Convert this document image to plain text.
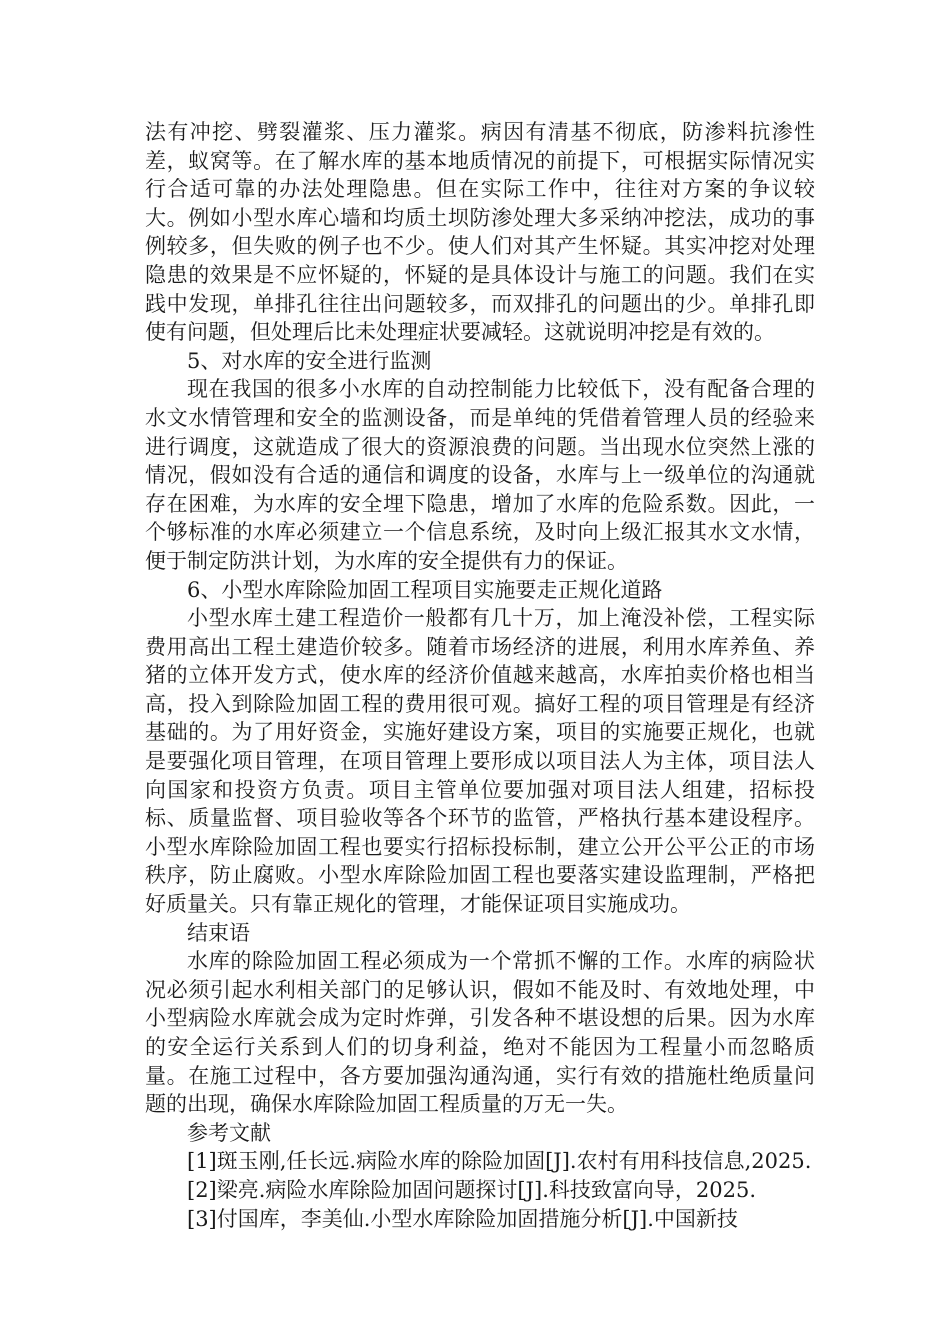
法有冲挖、劈裂灌浆、压力灌浆。病因有清基不彻底，防渗料抗渗性差，蚁窝等。在了解水库的基本地质情况的前提下，可根据实际情况实行合适可靠的办法处理隐患。但在实际工作中，往往对方案的争议较大。例如小型水库心墙和均质土坝防渗处理大多采纳冲挖法，成功的事例较多，但失败的例子也不少。使人们对其产生怀疑。其实冲挖对处理隐患的效果是不应怀疑的，怀疑的是具体设计与施工的问题。我们在实践中发现，单排孔往往出问题较多，而双排孔的问题出的少。单排孔即使有问题，但处理后比未处理症状要减轻。这就说明冲挖是有效的。

5、对水库的安全进行监测

现在我国的很多小水库的自动控制能力比较低下，没有配备合理的水文水情管理和安全的监测设备，而是单纯的凭借着管理人员的经验来进行调度，这就造成了很大的资源浪费的问题。当出现水位突然上涨的情况，假如没有合适的通信和调度的设备，水库与上一级单位的沟通就存在困难，为水库的安全埋下隐患，增加了水库的危险系数。因此，一个够标准的水库必须建立一个信息系统，及时向上级汇报其水文水情，便于制定防洪计划，为水库的安全提供有力的保证。

6、小型水库除险加固工程项目实施要走正规化道路

小型水库土建工程造价一般都有几十万，加上淹没补偿，工程实际费用高出工程土建造价较多。随着市场经济的进展，利用水库养鱼、养猪的立体开发方式，使水库的经济价值越来越高，水库拍卖价格也相当高，投入到除险加固工程的费用很可观。搞好工程的项目管理是有经济基础的。为了用好资金，实施好建设方案，项目的实施要正规化，也就是要强化项目管理，在项目管理上要形成以项目法人为主体，项目法人向国家和投资方负责。项目主管单位要加强对项目法人组建，招标投标、质量监督、项目验收等各个环节的监管，严格执行基本建设程序。小型水库除险加固工程也要实行招标投标制，建立公开公平公正的市场秩序，防止腐败。小型水库除险加固工程也要落实建设监理制，严格把好质量关。只有靠正规化的管理，才能保证项目实施成功。

结束语

水库的除险加固工程必须成为一个常抓不懈的工作。水库的病险状况必须引起水利相关部门的足够认识，假如不能及时、有效地处理，中小型病险水库就会成为定时炸弹，引发各种不堪设想的后果。因为水库的安全运行关系到人们的切身利益，绝对不能因为工程量小而忽略质量。在施工过程中，各方要加强沟通沟通，实行有效的措施杜绝质量问题的出现，确保水库除险加固工程质量的万无一失。

参考文献

[1]斑玉刚,任长远.病险水库的除险加固[J].农村有用科技信息,2025.

[2]梁亮.病险水库除险加固问题探讨[J].科技致富向导，2025.

[3]付国库，李美仙.小型水库除险加固措施分析[J].中国新技
